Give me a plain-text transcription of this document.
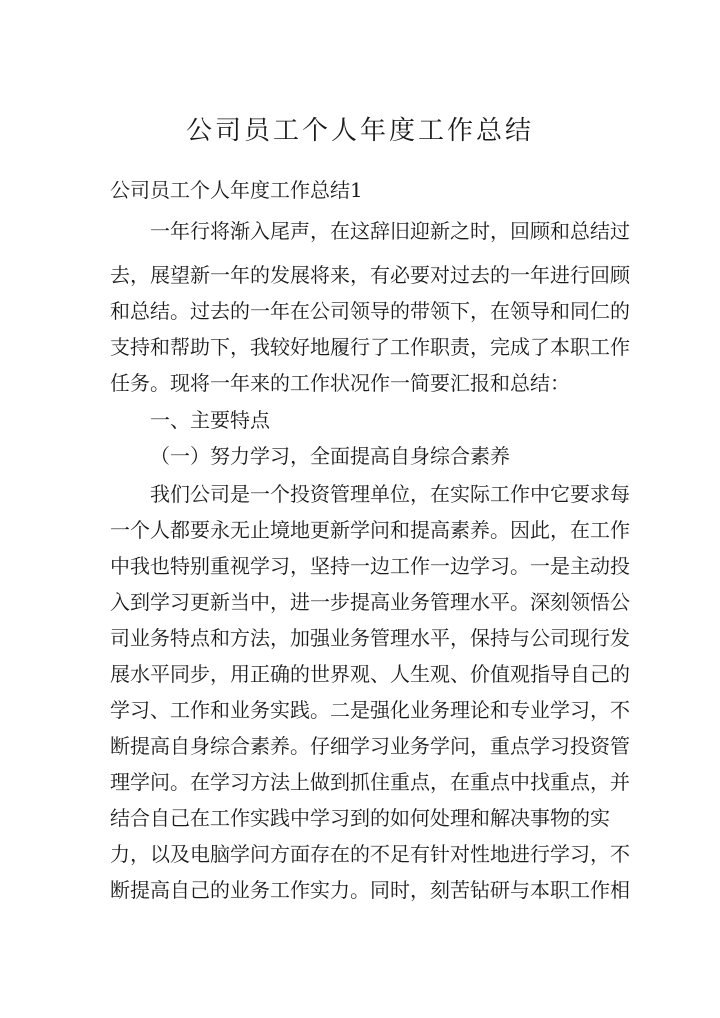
公司员工个人年度工作总结
公司员工个人年度工作总结1
一年行将渐入尾声，在这辞旧迎新之时，回顾和总结过
去，展望新一年的发展将来，有必要对过去的一年进行回顾
和总结。过去的一年在公司领导的带领下，在领导和同仁的
支持和帮助下，我较好地履行了工作职责，完成了本职工作
任务。现将一年来的工作状况作一简要汇报和总结：
一、主要特点
（一）努力学习，全面提高自身综合素养
我们公司是一个投资管理单位，在实际工作中它要求每
一个人都要永无止境地更新学问和提高素养。因此，在工作
中我也特别重视学习，坚持一边工作一边学习。一是主动投
入到学习更新当中，进一步提高业务管理水平。深刻领悟公
司业务特点和方法，加强业务管理水平，保持与公司现行发
展水平同步，用正确的世界观、人生观、价值观指导自己的
学习、工作和业务实践。二是强化业务理论和专业学习，不
断提高自身综合素养。仔细学习业务学问，重点学习投资管
理学问。在学习方法上做到抓住重点，在重点中找重点，并
结合自己在工作实践中学习到的如何处理和解决事物的实
力，以及电脑学问方面存在的不足有针对性地进行学习，不
断提高自己的业务工作实力。同时，刻苦钻研与本职工作相
